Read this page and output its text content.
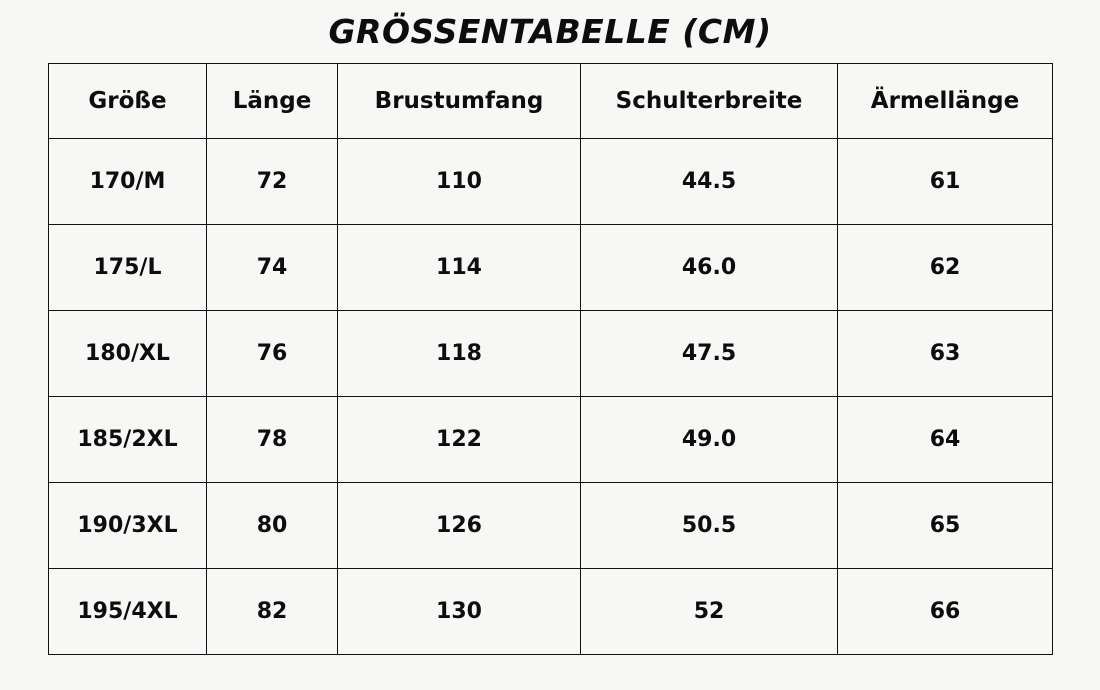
GRÖSSENTABELLE (CM)
Größe	Länge	Brustumfang	Schulterbreite	Ärmellänge
170/M	72	110	44.5	61
175/L	74	114	46.0	62
180/XL	76	118	47.5	63
185/2XL	78	122	49.0	64
190/3XL	80	126	50.5	65
195/4XL	82	130	52	66
